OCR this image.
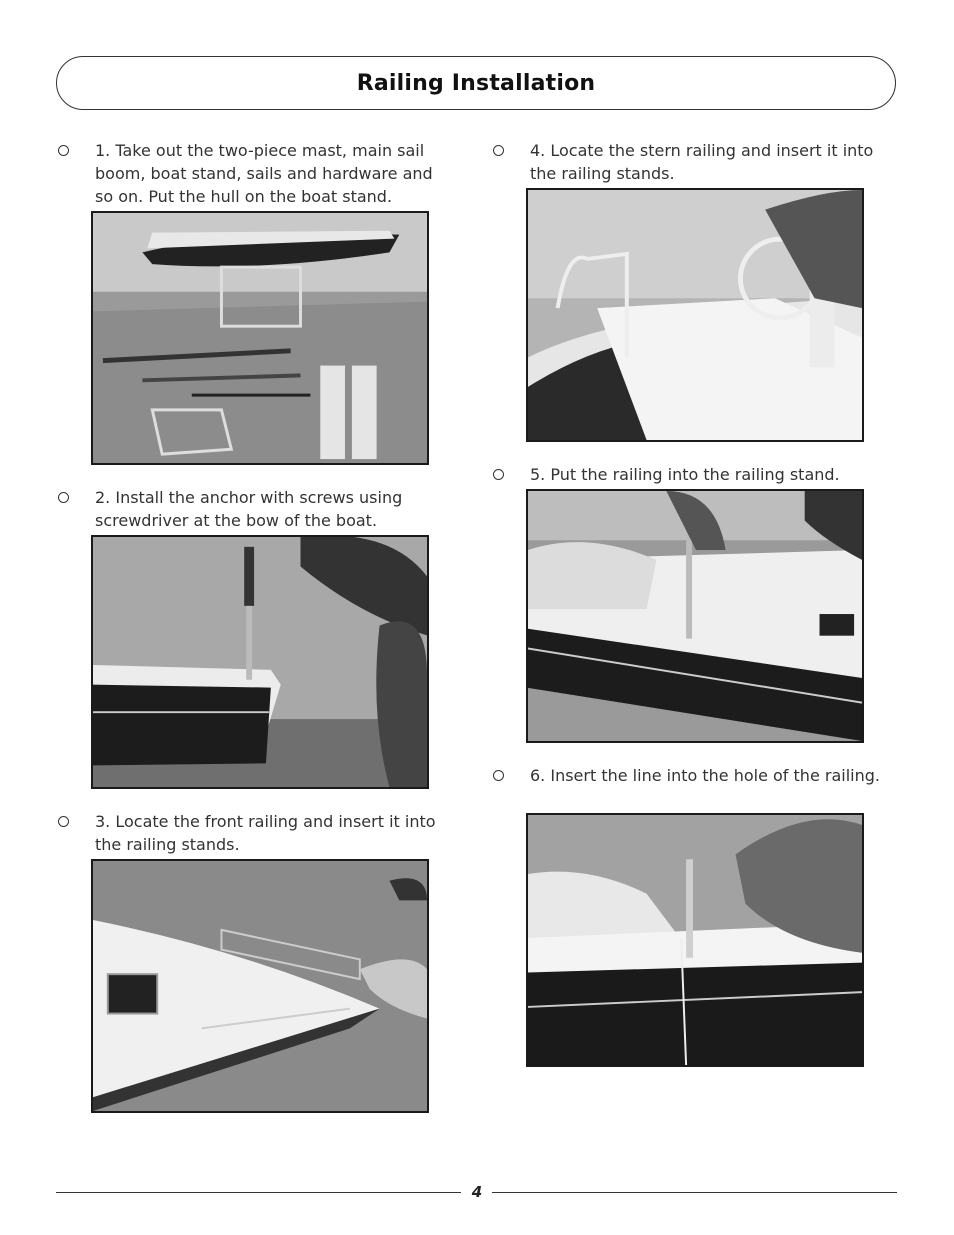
Railing Installation
1. Take out the two-piece mast, main sail boom, boat stand, sails and hardware and so on. Put the hull on the boat stand.
2. Install the anchor with screws using screwdriver at the bow of the boat.
3. Locate the front railing and insert it into the railing stands.
4. Locate the stern railing and insert it into the railing stands.
5. Put the railing into the railing stand.
6. Insert the line into the hole of the railing.
4
